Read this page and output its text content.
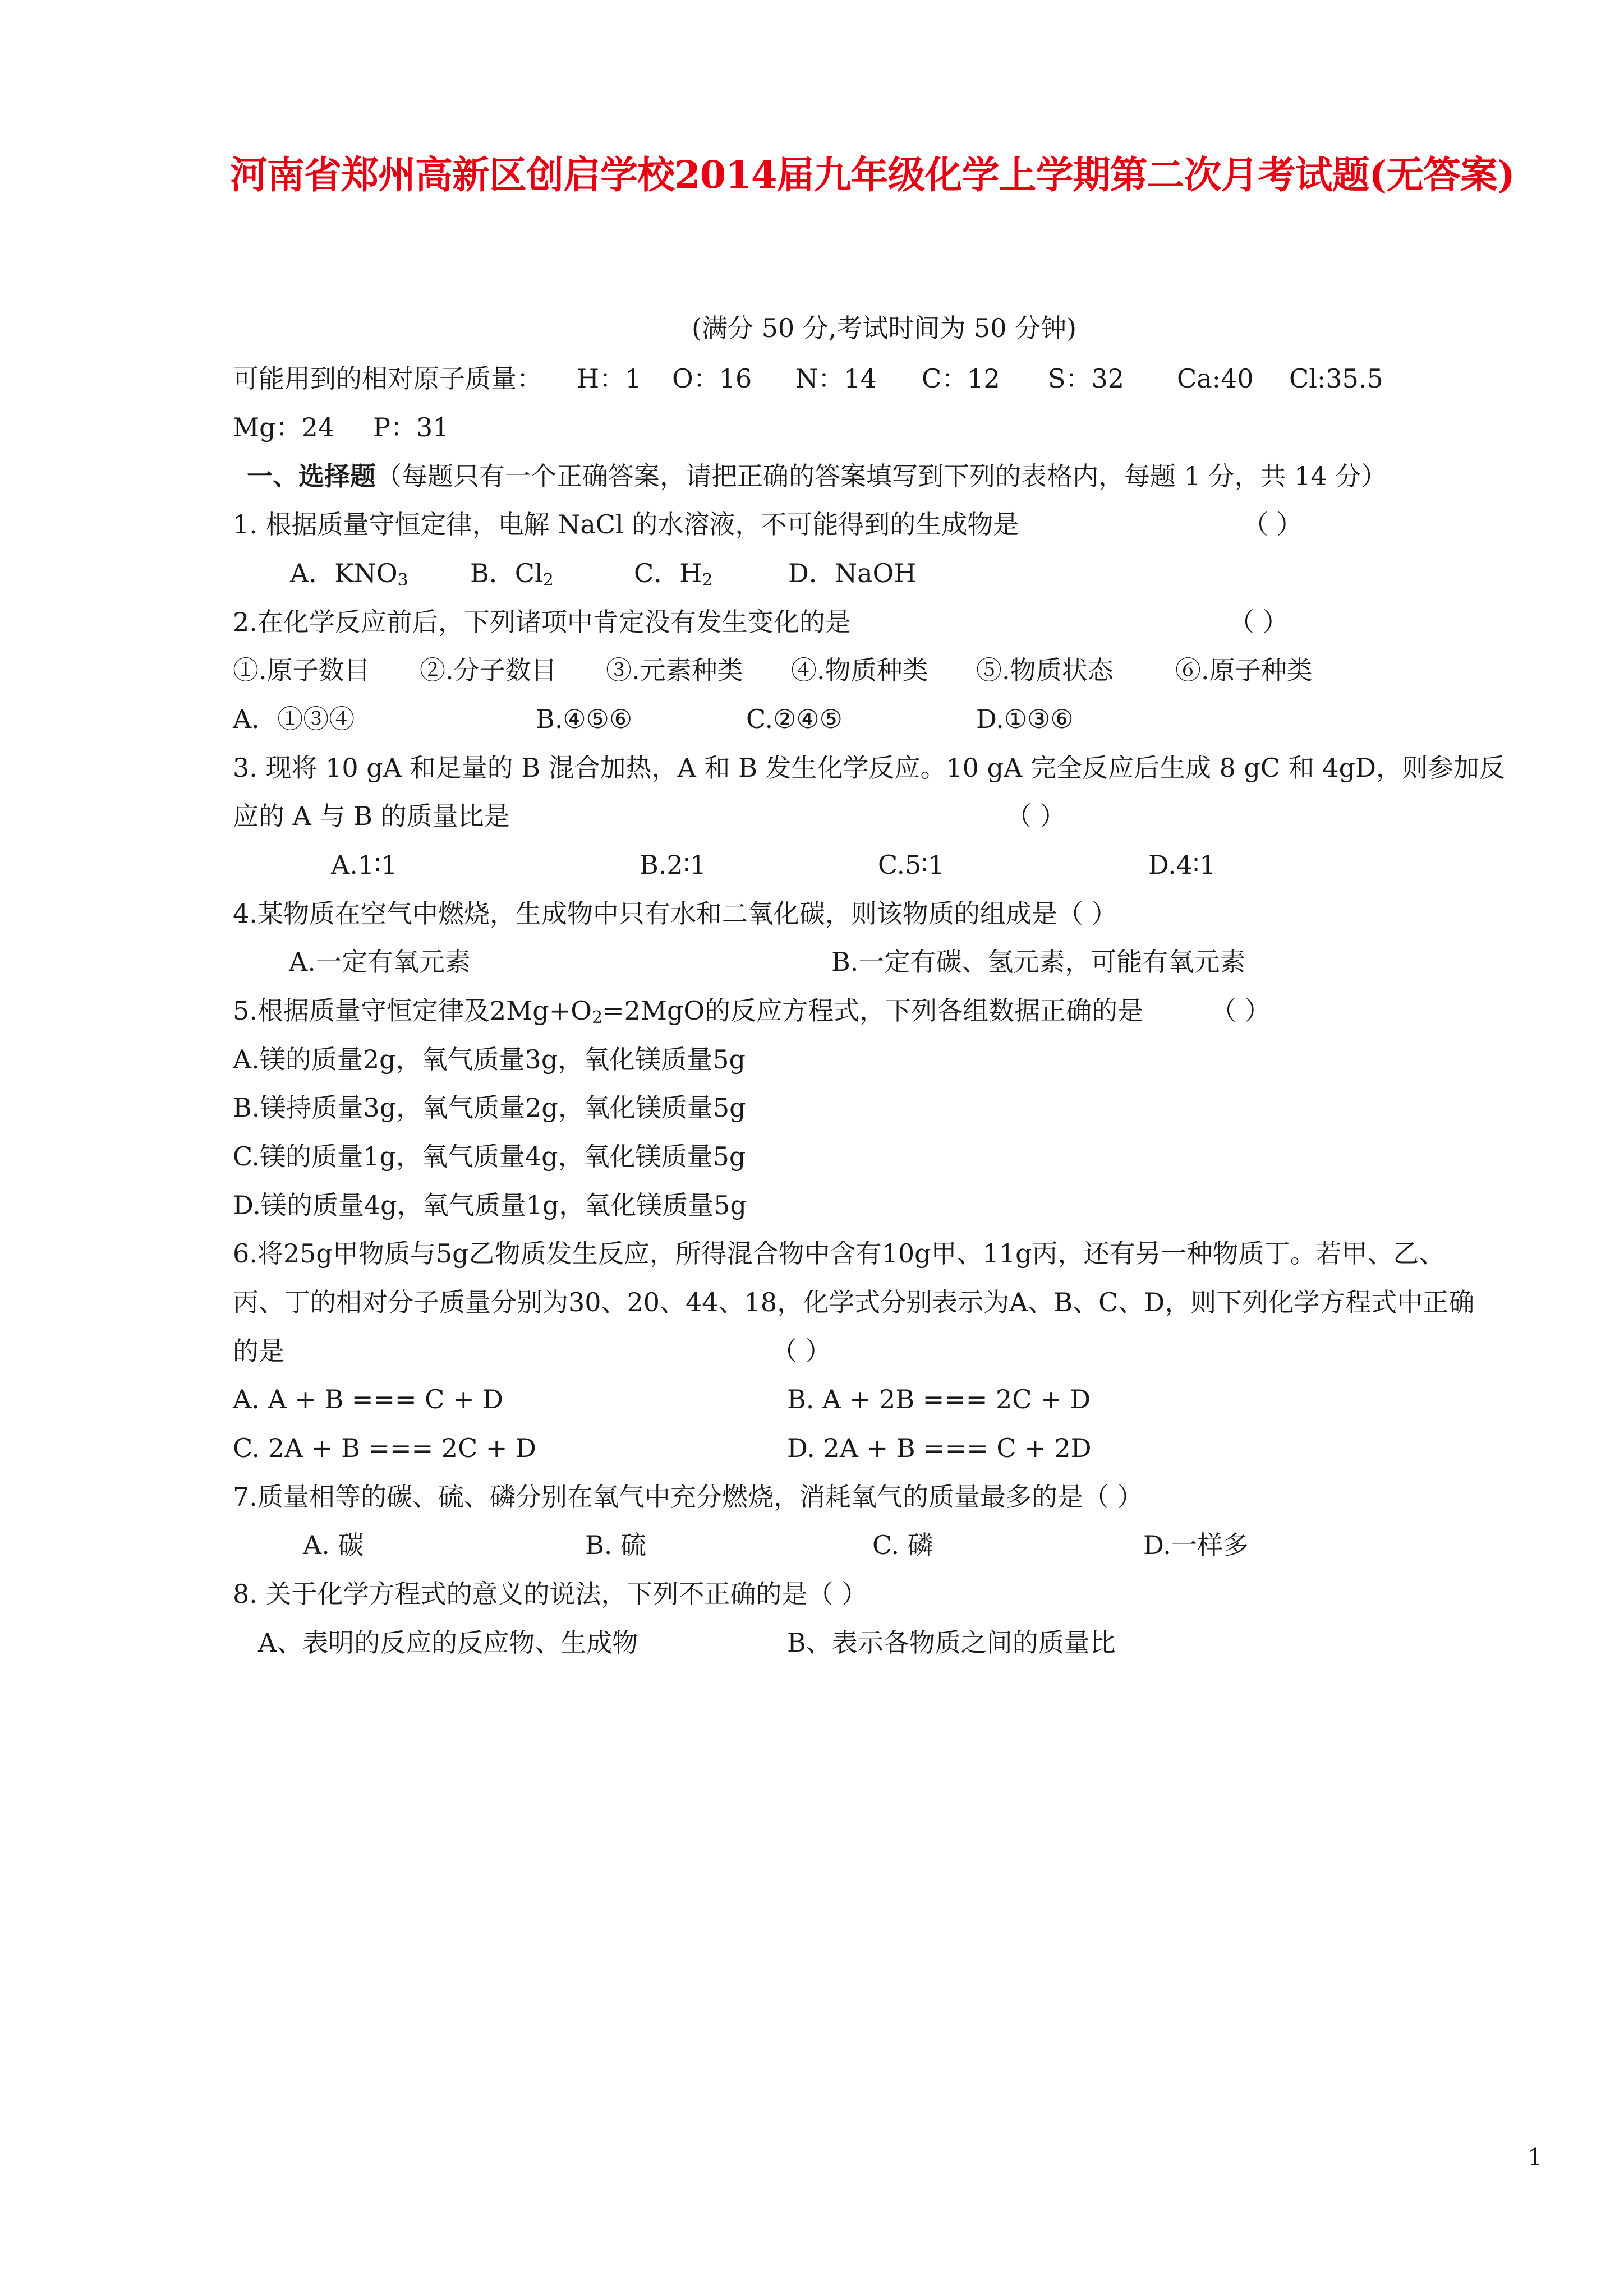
河南省郑州高新区创启学校2014届九年级化学上学期第二次月考试题(无答案)
(满分 50 分,考试时间为 50 分钟)
可能用到的相对原子质量： H：1 O：16 N：14 C：12 S：32 Ca:40 Cl:35.5
Mg：24 P：31
一、选择题（每题只有一个正确答案，请把正确的答案填写到下列的表格内，每题 1 分，共 14 分）
1. 根据质量守恒定律，电解 NaCl 的水溶液，不可能得到的生成物是	（ ）
A．$KNO_3$ B．$Cl_2$	C．$H_2$	D．NaOH
2.在化学反应前后，下列诸项中肯定没有发生变化的是	（ ）
①.原子数目 ②.分子数目 ③.元素种类 ④.物质种类 ⑤.物质状态 ⑥.原子种类
A．①③④	B.④⑤⑥	C.②④⑤	D.①③⑥
3. 现将 10 gA 和足量的 B 混合加热，A 和 B 发生化学反应。10 gA 完全反应后生成 8 gC 和 4gD，则参加反
应的 A 与 B 的质量比是	（ ）
A.1∶1	B.2∶1	C.5∶1	D.4∶1
4.某物质在空气中燃烧，生成物中只有水和二氧化碳，则该物质的组成是（ ）
A.一定有氧元素	B.一定有碳、氢元素，可能有氧元素
5.根据质量守恒定律及$2Mg+O_2=2MgO$的反应方程式，下列各组数据正确的是	（ ）
A.镁的质量2g，氧气质量3g，氧化镁质量5g
B.镁持质量3g，氧气质量2g，氧化镁质量5g
C.镁的质量1g，氧气质量4g，氧化镁质量5g
D.镁的质量4g，氧气质量1g，氧化镁质量5g
6.将25g甲物质与5g乙物质发生反应，所得混合物中含有10g甲、11g丙，还有另一种物质丁。若甲、乙、
丙、丁的相对分子质量分别为30、20、44、18，化学式分别表示为A、B、C、D，则下列化学方程式中正确
的是	（ ）
A. A + B === C + D	B. A + 2B === 2C + D
C. 2A + B === 2C + D	D. 2A + B === C + 2D
7.质量相等的碳、硫、磷分别在氧气中充分燃烧，消耗氧气的质量最多的是（ ）
A. 碳	B. 硫	C. 磷	D.一样多
8. 关于化学方程式的意义的说法，下列不正确的是（ ）
A、表明的反应的反应物、生成物	B、表示各物质之间的质量比
1
